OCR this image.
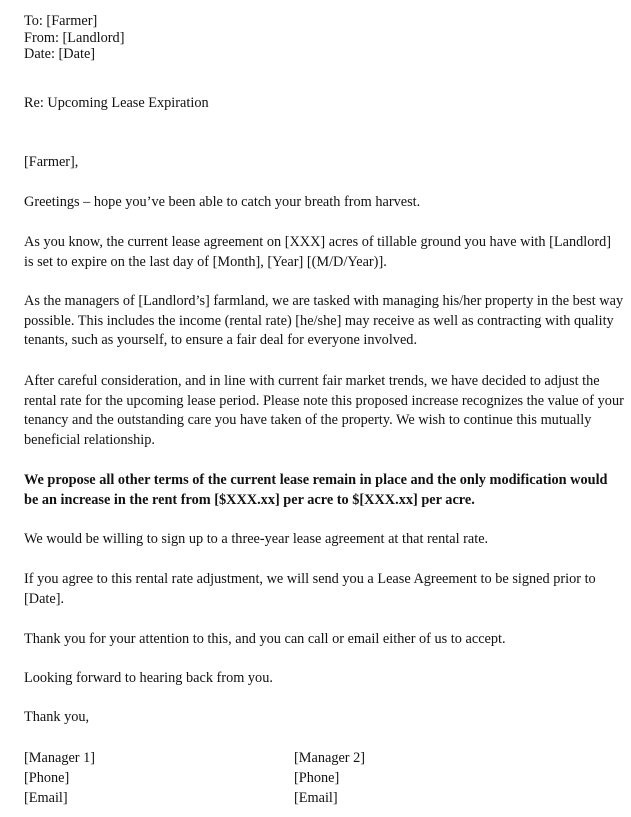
To: [Farmer]
From: [Landlord]
Date: [Date]
Re: Upcoming Lease Expiration
[Farmer],
Greetings – hope you’ve been able to catch your breath from harvest.
As you know, the current lease agreement on [XXX] acres of tillable ground you have with [Landlord] is set to expire on the last day of [Month], [Year] [(M/D/Year)].
As the managers of [Landlord’s] farmland, we are tasked with managing his/her property in the best way possible. This includes the income (rental rate) [he/she] may receive as well as contracting with quality tenants, such as yourself, to ensure a fair deal for everyone involved.
After careful consideration, and in line with current fair market trends, we have decided to adjust the rental rate for the upcoming lease period. Please note this proposed increase recognizes the value of your tenancy and the outstanding care you have taken of the property. We wish to continue this mutually beneficial relationship.
We propose all other terms of the current lease remain in place and the only modification would be an increase in the rent from [$XXX.xx] per acre to $[XXX.xx] per acre.
We would be willing to sign up to a three-year lease agreement at that rental rate.
If you agree to this rental rate adjustment, we will send you a Lease Agreement to be signed prior to [Date].
Thank you for your attention to this, and you can call or email either of us to accept.
Looking forward to hearing back from you.
Thank you,
[Manager 1]
[Phone]
[Email]
[Manager 2]
[Phone]
[Email]
